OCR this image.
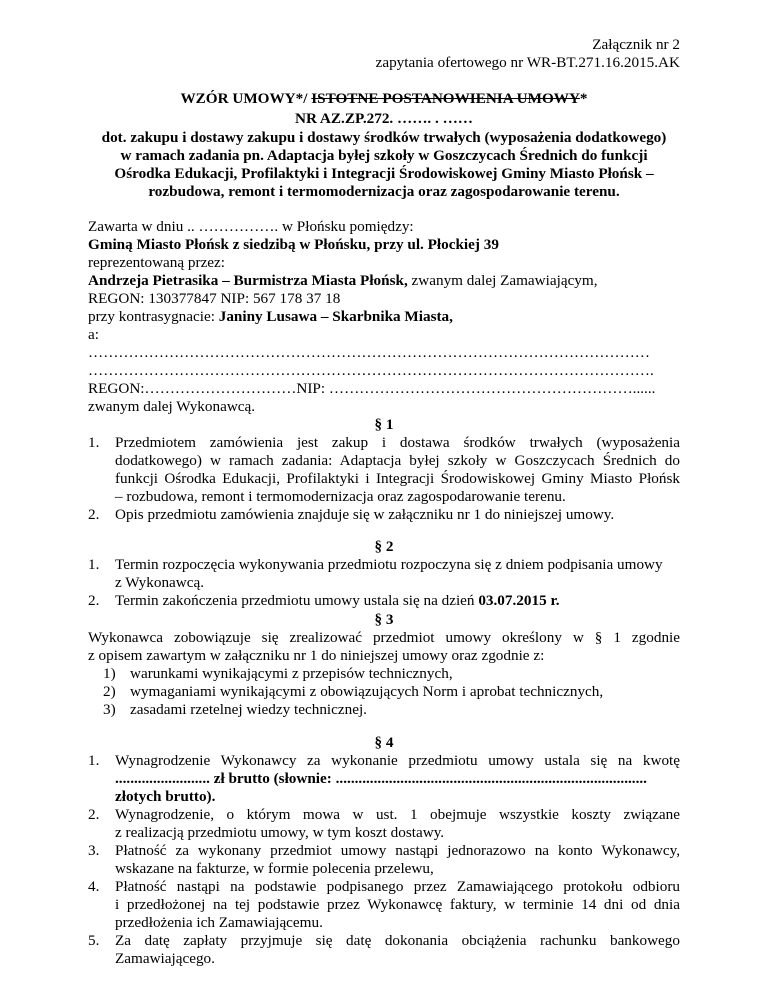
Załącznik nr 2
zapytania ofertowego nr WR-BT.271.16.2015.AK
WZÓR UMOWY*/ ISTOTNE POSTANOWIENIA UMOWY*
NR AZ.ZP.272. ……. . ……
dot. zakupu i dostawy zakupu i dostawy środków trwałych (wyposażenia dodatkowego)
w ramach zadania pn. Adaptacja byłej szkoły w Goszczycach Średnich do funkcji
Ośrodka Edukacji, Profilaktyki i Integracji Środowiskowej Gminy Miasto Płońsk –
rozbudowa, remont i termomodernizacja oraz zagospodarowanie terenu.
Zawarta w dniu .. ……………. w Płońsku pomiędzy:
Gminą Miasto Płońsk z siedzibą w Płońsku, przy ul. Płockiej 39
reprezentowaną przez:
Andrzeja Pietrasika – Burmistrza Miasta Płońsk, zwanym dalej Zamawiającym,
REGON: 130377847 NIP: 567 178 37 18
przy kontrasygnacie: Janiny Lusawa – Skarbnika Miasta,
a:
…………………………………………………………………………………………………
………………………………………………………………………………………………….
REGON:…………………………NIP: ……………………………………………………......
zwanym dalej Wykonawcą.
§ 1
1. Przedmiotem zamówienia jest zakup i dostawa środków trwałych (wyposażenia
dodatkowego) w ramach zadania: Adaptacja byłej szkoły w Goszczycach Średnich do
funkcji Ośrodka Edukacji, Profilaktyki i Integracji Środowiskowej Gminy Miasto Płońsk
– rozbudowa, remont i termomodernizacja oraz zagospodarowanie terenu.
2. Opis przedmiotu zamówienia znajduje się w załączniku nr 1 do niniejszej umowy.
§ 2
1. Termin rozpoczęcia wykonywania przedmiotu rozpoczyna się z dniem podpisania umowy
z Wykonawcą.
2. Termin zakończenia przedmiotu umowy ustala się na dzień 03.07.2015 r.
§ 3
Wykonawca zobowiązuje się zrealizować przedmiot umowy określony w § 1 zgodnie
z opisem zawartym w załączniku nr 1 do niniejszej umowy oraz zgodnie z:
1) warunkami wynikającymi z przepisów technicznych,
2) wymaganiami wynikającymi z obowiązujących Norm i aprobat technicznych,
3) zasadami rzetelnej wiedzy technicznej.
§ 4
1. Wynagrodzenie Wykonawcy za wykonanie przedmiotu umowy ustala się na kwotę
......................... zł brutto (słownie: ..................................................................................
złotych brutto).
2. Wynagrodzenie, o którym mowa w ust. 1 obejmuje wszystkie koszty związane
z realizacją przedmiotu umowy, w tym koszt dostawy.
3. Płatność za wykonany przedmiot umowy nastąpi jednorazowo na konto Wykonawcy,
wskazane na fakturze, w formie polecenia przelewu,
4. Płatność nastąpi na podstawie podpisanego przez Zamawiającego protokołu odbioru
i przedłożonej na tej podstawie przez Wykonawcę faktury, w terminie 14 dni od dnia
przedłożenia ich Zamawiającemu.
5. Za datę zapłaty przyjmuje się datę dokonania obciążenia rachunku bankowego
Zamawiającego.
